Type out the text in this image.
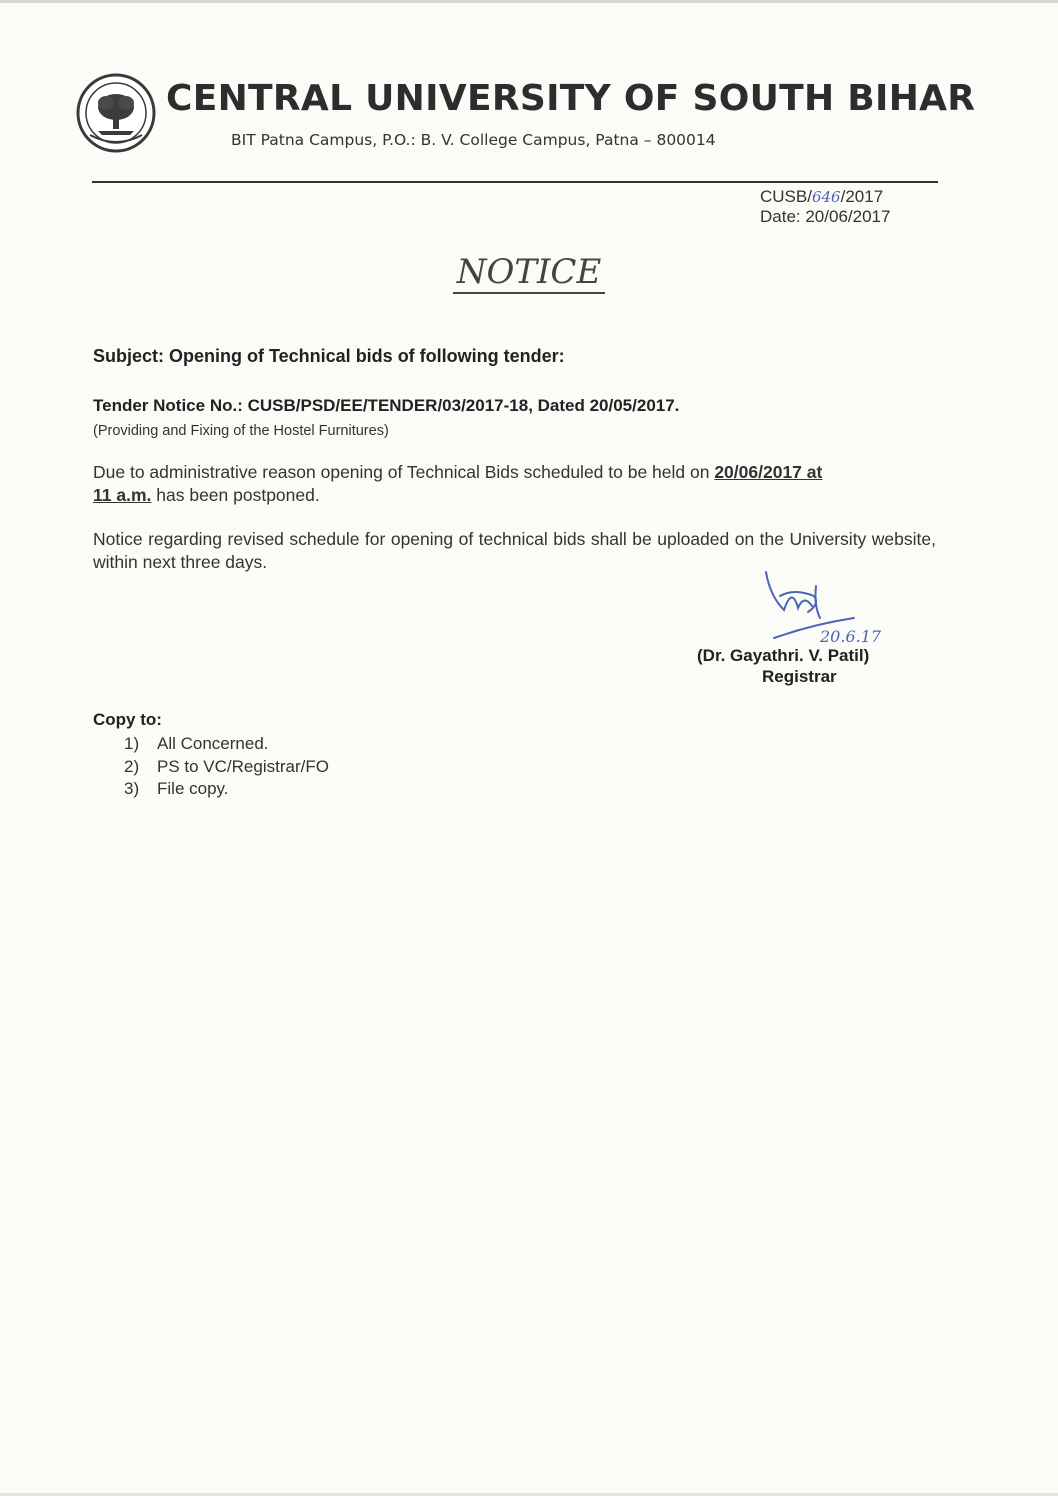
CENTRAL UNIVERSITY OF SOUTH BIHAR
BIT Patna Campus, P.O.: B. V. College Campus, Patna – 800014
CUSB/646/2017
Date: 20/06/2017
NOTICE
Subject: Opening of Technical bids of following tender:
Tender Notice No.: CUSB/PSD/EE/TENDER/03/2017-18, Dated 20/05/2017.
(Providing and Fixing of the Hostel Furnitures)
Due to administrative reason opening of Technical Bids scheduled to be held on 20/06/2017 at
11 a.m. has been postponed.
Notice regarding revised schedule for opening of technical bids shall be uploaded on the University website, within next three days.
20.6.17
(Dr. Gayathri. V. Patil)
Registrar
Copy to:
1) All Concerned.
2) PS to VC/Registrar/FO
3) File copy.
